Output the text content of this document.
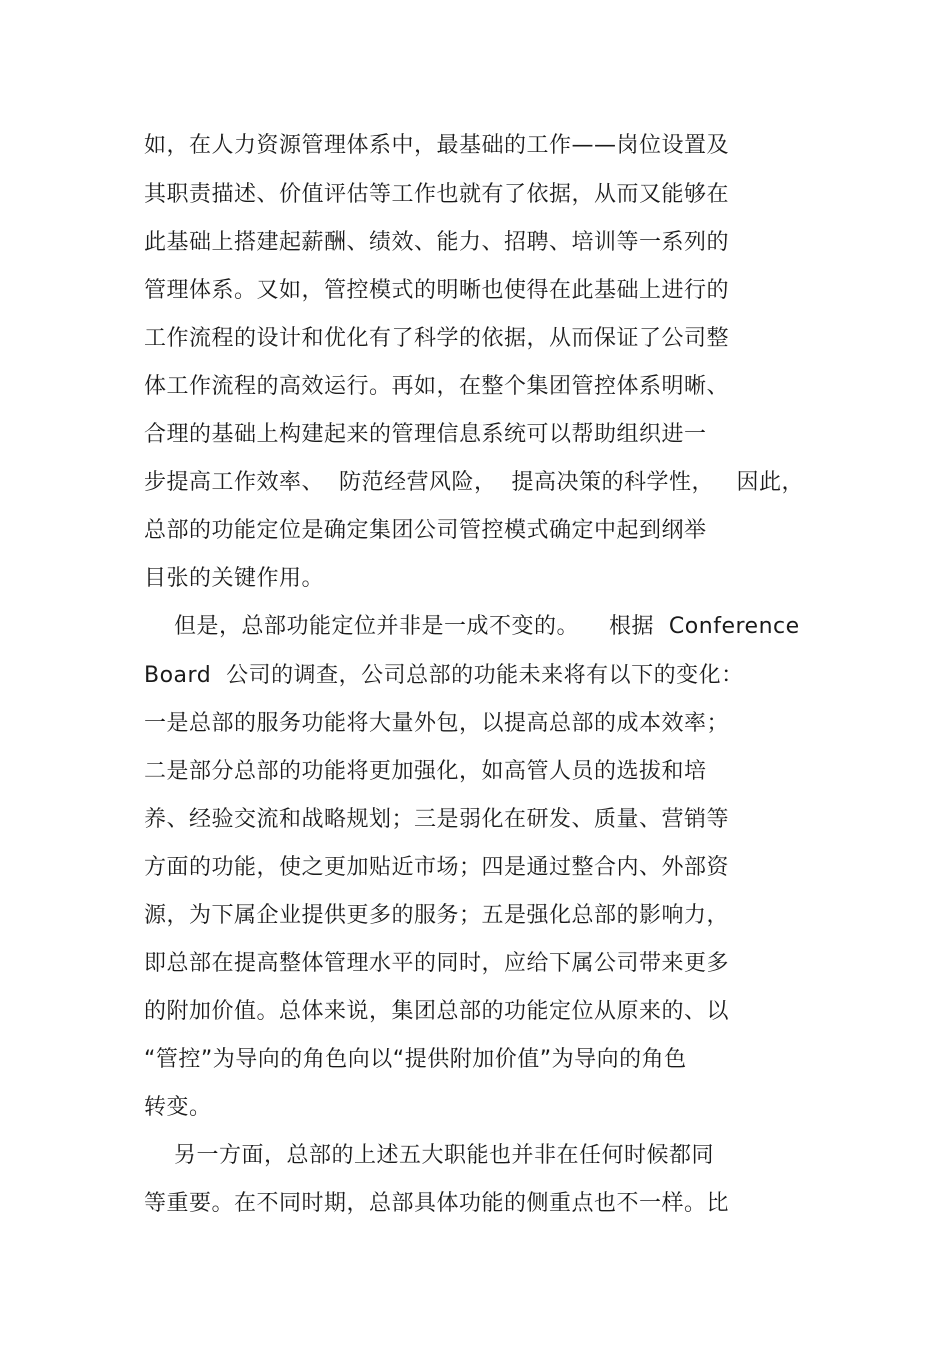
如，在人力资源管理体系中，最基础的工作——岗位设置及
其职责描述、价值评估等工作也就有了依据，从而又能够在
此基础上搭建起薪酬、绩效、能力、招聘、培训等一系列的
管理体系。又如，管控模式的明晰也使得在此基础上进行的
工作流程的设计和优化有了科学的依据，从而保证了公司整
体工作流程的高效运行。再如，在整个集团管控体系明晰、
合理的基础上构建起来的管理信息系统可以帮助组织进一
步提高工作效率、  防范经营风险，  提高决策的科学性，   因此，
总部的功能定位是确定集团公司管控模式确定中起到纲举
目张的关键作用。
但是，总部功能定位并非是一成不变的。    根据  Conference
Board  公司的调查，公司总部的功能未来将有以下的变化：
一是总部的服务功能将大量外包，以提高总部的成本效率；
二是部分总部的功能将更加强化，如高管人员的选拔和培
养、经验交流和战略规划；三是弱化在研发、质量、营销等
方面的功能，使之更加贴近市场；四是通过整合内、外部资
源，为下属企业提供更多的服务；五是强化总部的影响力，
即总部在提高整体管理水平的同时，应给下属公司带来更多
的附加价值。总体来说，集团总部的功能定位从原来的、以
“管控”为导向的角色向以“提供附加价值”为导向的角色
转变。
另一方面，总部的上述五大职能也并非在任何时候都同
等重要。在不同时期，总部具体功能的侧重点也不一样。比
